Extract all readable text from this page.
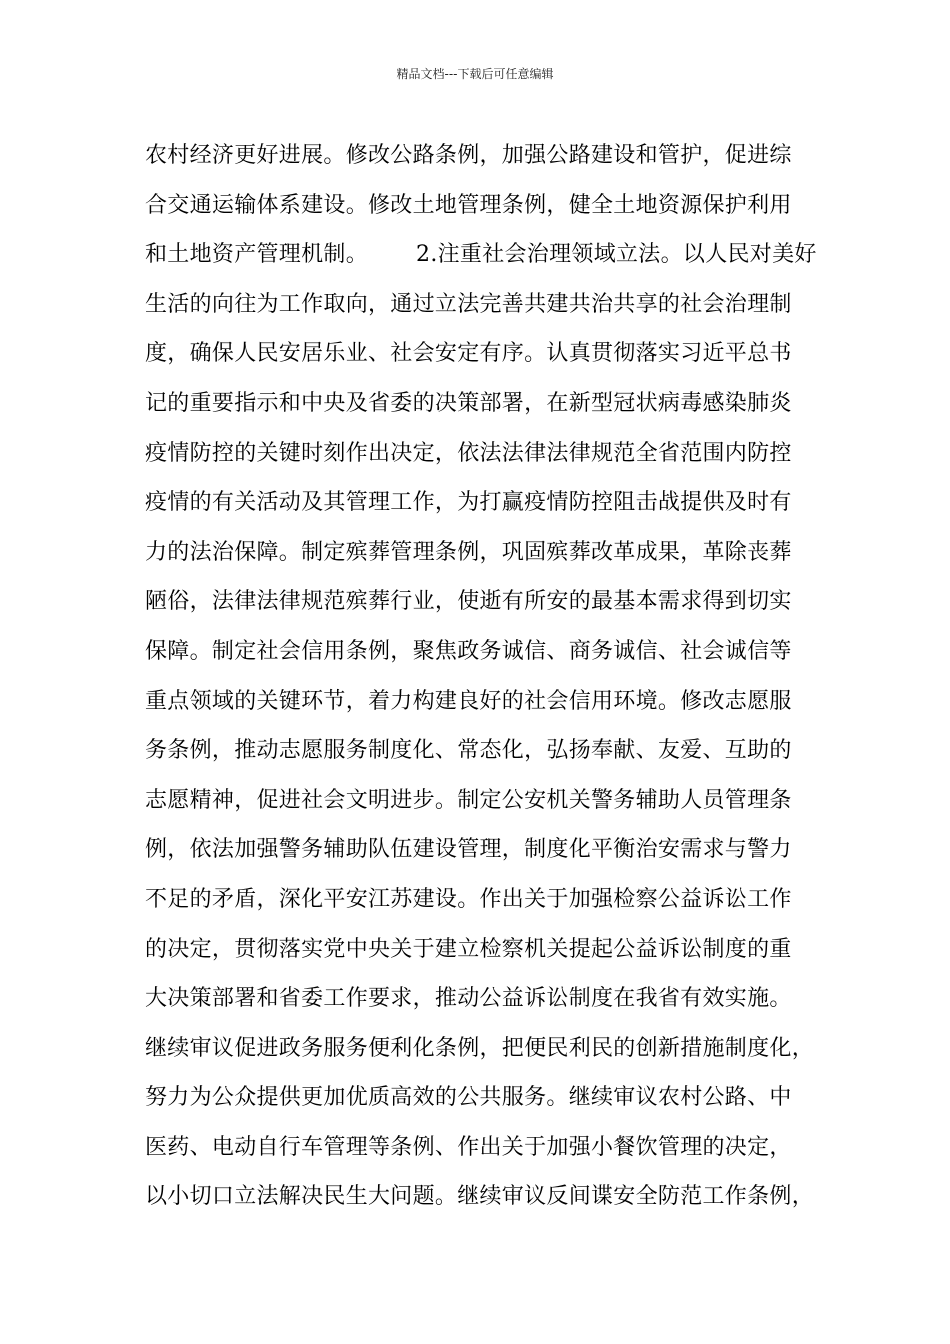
精品文档---下载后可任意编辑
农村经济更好进展。修改公路条例，加强公路建设和管护，促进综
合交通运输体系建设。修改土地管理条例，健全土地资源保护利用
和土地资产管理机制。 2.注重社会治理领域立法。以人民对美好
生活的向往为工作取向，通过立法完善共建共治共享的社会治理制
度，确保人民安居乐业、社会安定有序。认真贯彻落实习近平总书
记的重要指示和中央及省委的决策部署，在新型冠状病毒感染肺炎
疫情防控的关键时刻作出决定，依法法律法律规范全省范围内防控
疫情的有关活动及其管理工作，为打赢疫情防控阻击战提供及时有
力的法治保障。制定殡葬管理条例，巩固殡葬改革成果，革除丧葬
陋俗，法律法律规范殡葬行业，使逝有所安的最基本需求得到切实
保障。制定社会信用条例，聚焦政务诚信、商务诚信、社会诚信等
重点领域的关键环节，着力构建良好的社会信用环境。修改志愿服
务条例，推动志愿服务制度化、常态化，弘扬奉献、友爱、互助的
志愿精神，促进社会文明进步。制定公安机关警务辅助人员管理条
例，依法加强警务辅助队伍建设管理，制度化平衡治安需求与警力
不足的矛盾，深化平安江苏建设。作出关于加强检察公益诉讼工作
的决定，贯彻落实党中央关于建立检察机关提起公益诉讼制度的重
大决策部署和省委工作要求，推动公益诉讼制度在我省有效实施。
继续审议促进政务服务便利化条例，把便民利民的创新措施制度化，
努力为公众提供更加优质高效的公共服务。继续审议农村公路、中
医药、电动自行车管理等条例、作出关于加强小餐饮管理的决定，
以小切口立法解决民生大问题。继续审议反间谍安全防范工作条例，
